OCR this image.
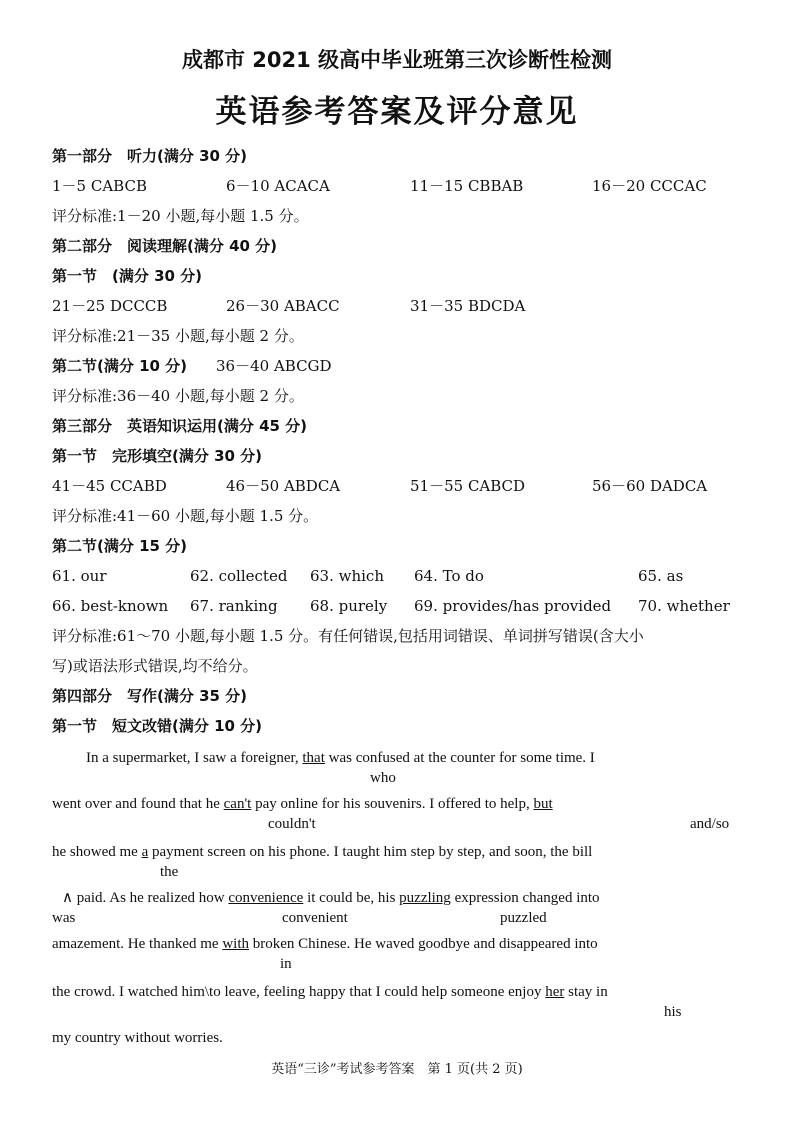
成都市 2021 级高中毕业班第三次诊断性检测
英语参考答案及评分意见
第一部分　听力(满分 30 分)
1－5 CABCB	6－10 ACACA	11－15 CBBAB	16－20 CCCAC
评分标准:1－20 小题,每小题 1.5 分。
第二部分　阅读理解(满分 40 分)
第一节　(满分 30 分)
21－25 DCCCB	26－30 ABACC	31－35 BDCDA
评分标准:21－35 小题,每小题 2 分。
第二节(满分 10 分) 36－40 ABCGD
评分标准:36－40 小题,每小题 2 分。
第三部分　英语知识运用(满分 45 分)
第一节　完形填空(满分 30 分)
41－45 CCABD	46－50 ABDCA	51－55 CABCD	56－60 DADCA
评分标准:41－60 小题,每小题 1.5 分。
第二节(满分 15 分)
61. our	62. collected 63. which 64. To do	65. as
66. best-known 67. ranking 68. purely 69. provides/has provided 70. whether
评分标准:61～70 小题,每小题 1.5 分。有任何错误,包括用词错误、单词拼写错误(含大小
写)或语法形式错误,均不给分。
第四部分　写作(满分 35 分)
第一节　短文改错(满分 10 分)
In a supermarket, I saw a foreigner, that was confused at the counter for some time. I
who
went over and found that he can't pay online for his souvenirs. I offered to help, but
couldn't	and/so
he showed me a payment screen on his phone. I taught him step by step, and soon, the bill
the
∧ paid. As he realized how convenience it could be, his puzzling expression changed into
was	convenient	puzzled
amazement. He thanked me with broken Chinese. He waved goodbye and disappeared into
in
the crowd. I watched him\to leave, feeling happy that I could help someone enjoy her stay in
his
my country without worries.
英语“三诊”考试参考答案　第 1 页(共 2 页)
